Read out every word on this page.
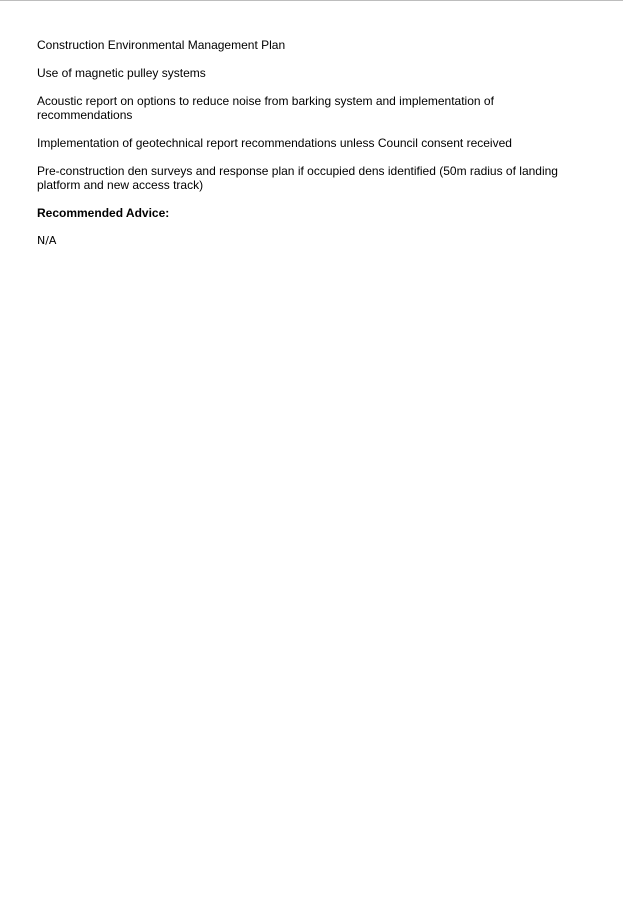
Construction Environmental Management Plan

Use of magnetic pulley systems

Acoustic report on options to reduce noise from barking system and implementation of recommendations

Implementation of geotechnical report recommendations unless Council consent received

Pre-construction den surveys and response plan if occupied dens identified (50m radius of landing platform and new access track)

Recommended Advice:

N/A
